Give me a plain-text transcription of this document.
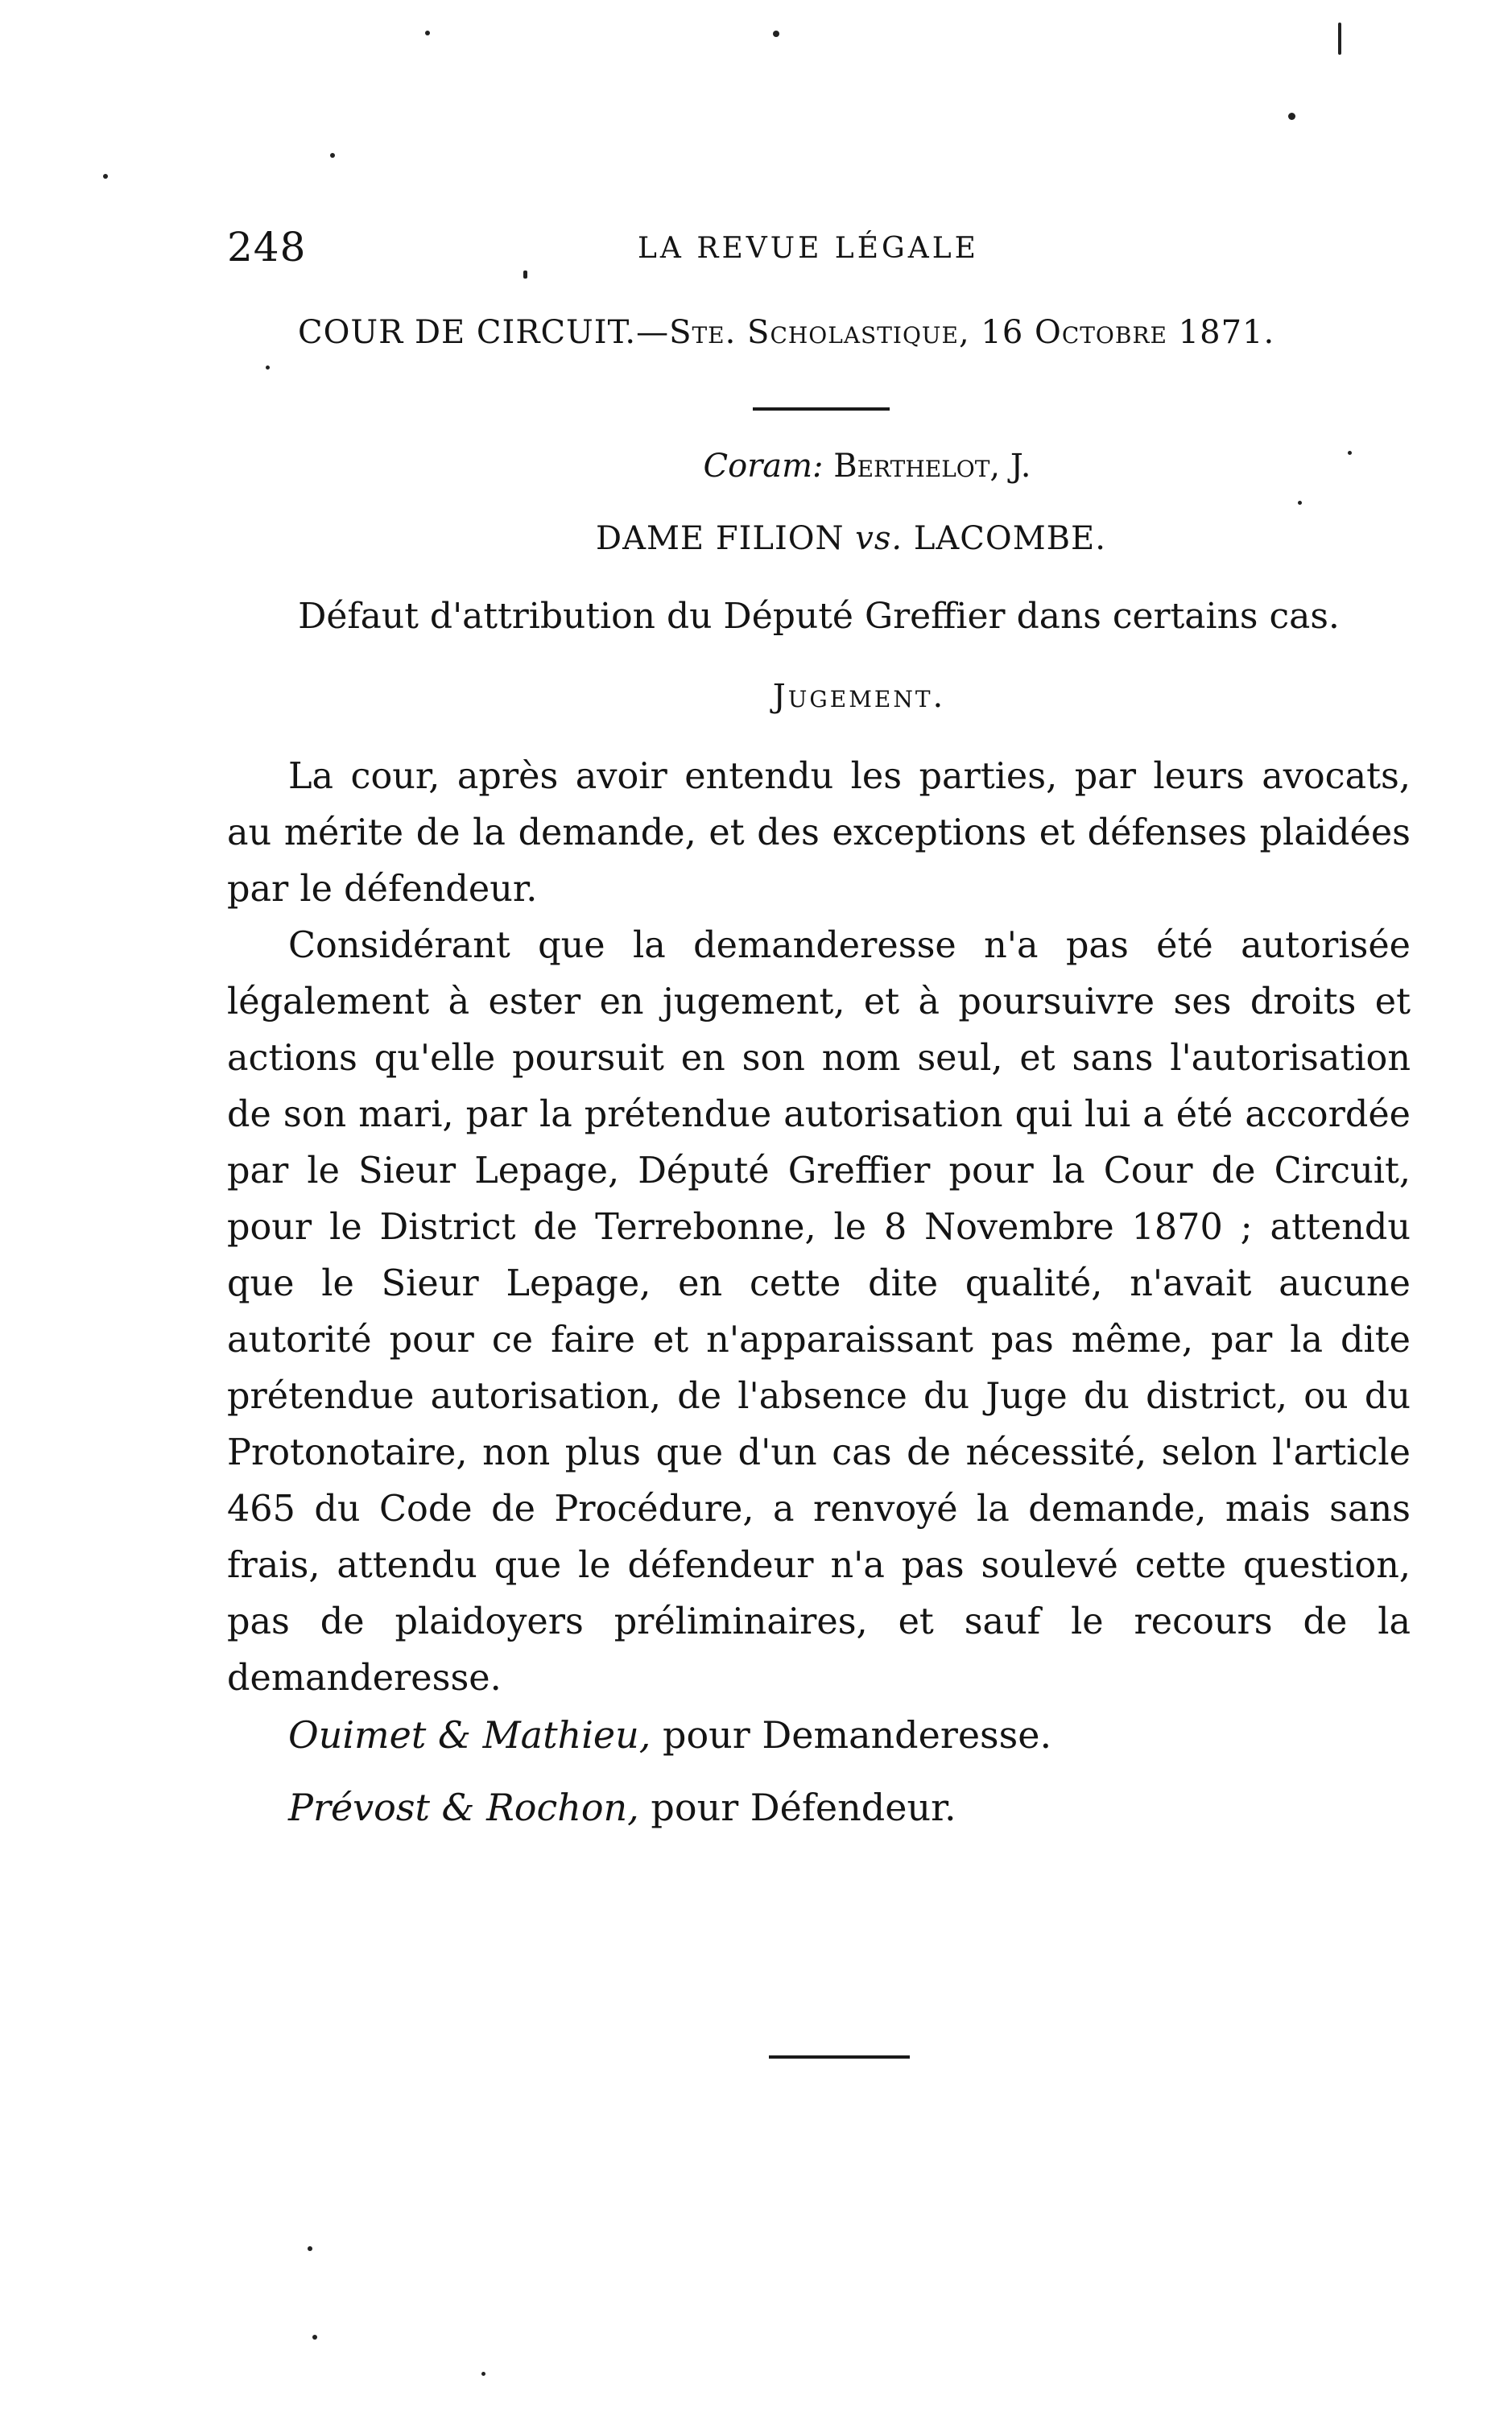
248	LA REVUE LÉGALE
COUR DE CIRCUIT.—Ste. Scholastique, 16 Octobre 1871.
Coram: Berthelot, J.
DAME FILION vs. LACOMBE.
Défaut d'attribution du Député Greffier dans certains cas.
Jugement.

La cour, après avoir entendu les parties, par leurs avocats, au mérite de la demande, et des exceptions et défenses plaidées par le défendeur.

Considérant que la demanderesse n'a pas été autorisée légalement à ester en jugement, et à poursuivre ses droits et actions qu'elle poursuit en son nom seul, et sans l'autorisation de son mari, par la prétendue autorisation qui lui a été accordée par le Sieur Lepage, Député Greffier pour la Cour de Circuit, pour le District de Terrebonne, le 8 Novembre 1870 ; attendu que le Sieur Lepage, en cette dite qualité, n'avait aucune autorité pour ce faire et n'apparaissant pas même, par la dite prétendue autorisation, de l'absence du Juge du district, ou du Protonotaire, non plus que d'un cas de nécessité, selon l'article 465 du Code de Procédure, a renvoyé la demande, mais sans frais, attendu que le défendeur n'a pas soulevé cette question, pas de plaidoyers préliminaires, et sauf le recours de la demanderesse.

Ouimet & Mathieu, pour Demanderesse.
Prévost & Rochon, pour Défendeur.
